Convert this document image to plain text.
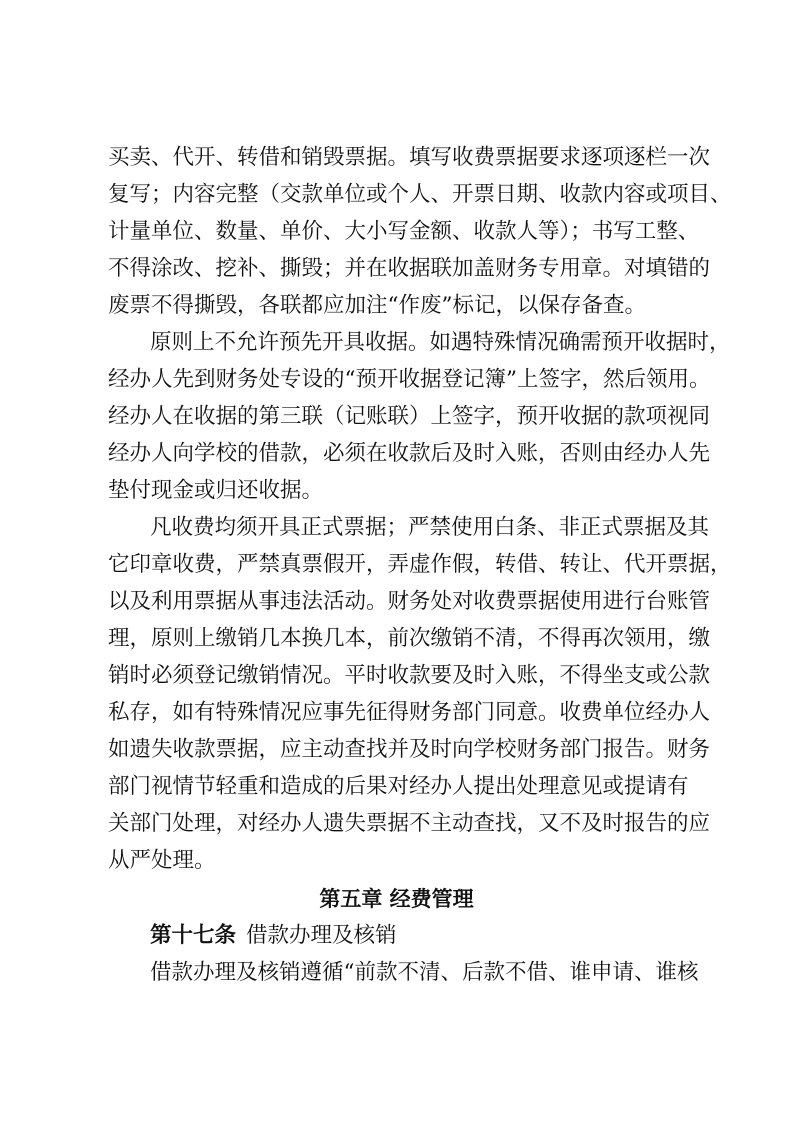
买卖、代开、转借和销毁票据。填写收费票据要求逐项逐栏一次
复写；内容完整（交款单位或个人、开票日期、收款内容或项目、
计量单位、数量、单价、大小写金额、收款人等）；书写工整、
不得涂改、挖补、撕毁；并在收据联加盖财务专用章。对填错的
废票不得撕毁，各联都应加注“作废”标记，以保存备查。
原则上不允许预先开具收据。如遇特殊情况确需预开收据时，
经办人先到财务处专设的“预开收据登记簿”上签字，然后领用。
经办人在收据的第三联（记账联）上签字，预开收据的款项视同
经办人向学校的借款，必须在收款后及时入账，否则由经办人先
垫付现金或归还收据。
凡收费均须开具正式票据；严禁使用白条、非正式票据及其
它印章收费，严禁真票假开，弄虚作假，转借、转让、代开票据，
以及利用票据从事违法活动。财务处对收费票据使用进行台账管
理，原则上缴销几本换几本，前次缴销不清，不得再次领用，缴
销时必须登记缴销情况。平时收款要及时入账，不得坐支或公款
私存，如有特殊情况应事先征得财务部门同意。收费单位经办人
如遗失收款票据，应主动查找并及时向学校财务部门报告。财务
部门视情节轻重和造成的后果对经办人提出处理意见或提请有
关部门处理，对经办人遗失票据不主动查找，又不及时报告的应
从严处理。
第五章 经费管理
第十七条 借款办理及核销
借款办理及核销遵循“前款不清、后款不借、谁申请、谁核
